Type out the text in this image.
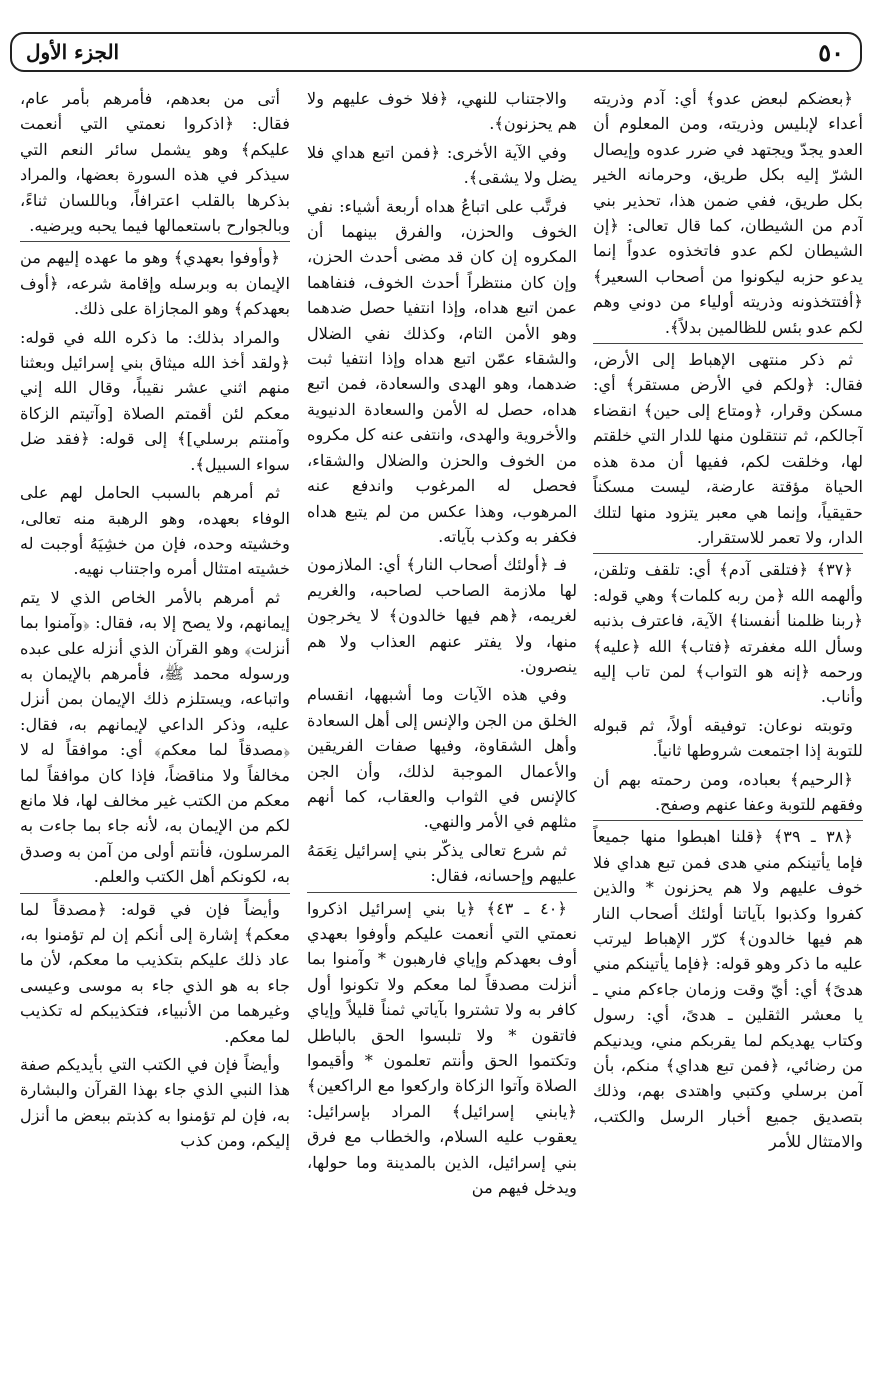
٥٠
الجزء الأول

﴿بعضكم لبعض عدو﴾ أي: آدم وذريته أعداء لإبليس وذريته، ومن المعلوم أن العدو يجدّ ويجتهد في ضرر عدوه وإيصال الشرّ إليه بكل طريق، وحرمانه الخير بكل طريق، ففي ضمن هذا، تحذير بني آدم من الشيطان، كما قال تعالى: ﴿إن الشيطان لكم عدو فاتخذوه عدواً إنما يدعو حزبه ليكونوا من أصحاب السعير﴾ ﴿أفتتخذونه وذريته أولياء من دوني وهم لكم عدو بئس للظالمين بدلاً﴾.

ثم ذكر منتهى الإهباط إلى الأرض، فقال: ﴿ولكم في الأرض مستقر﴾ أي: مسكن وقرار، ﴿ومتاع إلى حين﴾ انقضاء آجالكم، ثم تنتقلون منها للدار التي خلقتم لها، وخلقت لكم، ففيها أن مدة هذه الحياة مؤقتة عارضة، ليست مسكناً حقيقياً، وإنما هي معبر يتزود منها لتلك الدار، ولا تعمر للاستقرار.

﴿٣٧﴾ ﴿فتلقى آدم﴾ أي: تلقف وتلقن، وألهمه الله ﴿من ربه كلمات﴾ وهي قوله: ﴿ربنا ظلمنا أنفسنا﴾ الآية، فاعترف بذنبه وسأل الله مغفرته ﴿فتاب﴾ الله ﴿عليه﴾ ورحمه ﴿إنه هو التواب﴾ لمن تاب إليه وأناب.

وتوبته نوعان: توفيقه أولاً، ثم قبوله للتوبة إذا اجتمعت شروطها ثانياً.

﴿الرحيم﴾ بعباده، ومن رحمته بهم أن وفقهم للتوبة وعفا عنهم وصفح.

﴿٣٨ ـ ٣٩﴾ ﴿قلنا اهبطوا منها جميعاً فإما يأتينكم مني هدى فمن تبع هداي فلا خوف عليهم ولا هم يحزنون * والذين كفروا وكذبوا بآياتنا أولئك أصحاب النار هم فيها خالدون﴾ كرّر الإهباط ليرتب عليه ما ذكر وهو قوله: ﴿فإما يأتينكم مني هدىً﴾ أي: أيّ وقت وزمان جاءكم مني ـ يا معشر الثقلين ـ هدىً، أي: رسول وكتاب يهديكم لما يقربكم مني، ويدنيكم من رضائي، ﴿فمن تبع هداي﴾ منكم، بأن آمن برسلي وكتبي واهتدى بهم، وذلك بتصديق جميع أخبار الرسل والكتب، والامتثال للأمر

والاجتناب للنهي، ﴿فلا خوف عليهم ولا هم يحزنون﴾.

وفي الآية الأخرى: ﴿فمن اتبع هداي فلا يضل ولا يشقى﴾.

فرتَّب على اتباعُ هداه أربعة أشياء: نفي الخوف والحزن، والفرق بينهما أن المكروه إن كان قد مضى أحدث الحزن، وإن كان منتظراً أحدث الخوف، فنفاهما عمن اتبع هداه، وإذا انتفيا حصل ضدهما وهو الأمن التام، وكذلك نفي الضلال والشقاء عمّن اتبع هداه وإذا انتفيا ثبت ضدهما، وهو الهدى والسعادة، فمن اتبع هداه، حصل له الأمن والسعادة الدنيوية والأخروية والهدى، وانتفى عنه كل مكروه من الخوف والحزن والضلال والشقاء، فحصل له المرغوب واندفع عنه المرهوب، وهذا عكس من لم يتبع هداه فكفر به وكذب بآياته.

فـ ﴿أولئك أصحاب النار﴾ أي: الملازمون لها ملازمة الصاحب لصاحبه، والغريم لغريمه، ﴿هم فيها خالدون﴾ لا يخرجون منها، ولا يفتر عنهم العذاب ولا هم ينصرون.

وفي هذه الآيات وما أشبهها، انقسام الخلق من الجن والإنس إلى أهل السعادة وأهل الشقاوة، وفيها صفات الفريقين والأعمال الموجبة لذلك، وأن الجن كالإنس في الثواب والعقاب، كما أنهم مثلهم في الأمر والنهي.

ثم شرع تعالى يذكّر بني إسرائيل نِعَمَهُ عليهم وإحسانه، فقال:

﴿٤٠ ـ ٤٣﴾ ﴿يا بني إسرائيل اذكروا نعمتي التي أنعمت عليكم وأوفوا بعهدي أوف بعهدكم وإياي فارهبون * وآمنوا بما أنزلت مصدقاً لما معكم ولا تكونوا أول كافر به ولا تشتروا بآياتي ثمناً قليلاً وإياي فاتقون * ولا تلبسوا الحق بالباطل وتكتموا الحق وأنتم تعلمون * وأقيموا الصلاة وآتوا الزكاة واركعوا مع الراكعين﴾ ﴿يابني إسرائيل﴾ المراد بإسرائيل: يعقوب عليه السلام، والخطاب مع فرق بني إسرائيل، الذين بالمدينة وما حولها، ويدخل فيهم من

أتى من بعدهم، فأمرهم بأمر عام، فقال: ﴿اذكروا نعمتي التي أنعمت عليكم﴾ وهو يشمل سائر النعم التي سيذكر في هذه السورة بعضها، والمراد بذكرها بالقلب اعترافاً، وباللسان ثناءً، وبالجوارح باستعمالها فيما يحبه ويرضيه.

﴿وأوفوا بعهدي﴾ وهو ما عهده إليهم من الإيمان به وبرسله وإقامة شرعه، ﴿أوف بعهدكم﴾ وهو المجازاة على ذلك.

والمراد بذلك: ما ذكره الله في قوله: ﴿ولقد أخذ الله ميثاق بني إسرائيل وبعثنا منهم اثني عشر نقيباً، وقال الله إني معكم لئن أقمتم الصلاة [وآتيتم الزكاة وآمنتم برسلي]﴾ إلى قوله: ﴿فقد ضل سواء السبيل﴾.

ثم أمرهم بالسبب الحامل لهم على الوفاء بعهده، وهو الرهبة منه تعالى، وخشيته وحده، فإن من خشِيَهُ أوجبت له خشيته امتثال أمره واجتناب نهيه.

ثم أمرهم بالأمر الخاص الذي لا يتم إيمانهم، ولا يصح إلا به، فقال: ﴿وآمنوا بما أنزلت﴾ وهو القرآن الذي أنزله على عبده ورسوله محمد ﷺ، فأمرهم بالإيمان به واتباعه، ويستلزم ذلك الإيمان بمن أنزل عليه، وذكر الداعي لإيمانهم به، فقال: ﴿مصدقاً لما معكم﴾ أي: موافقاً له لا مخالفاً ولا مناقضاً، فإذا كان موافقاً لما معكم من الكتب غير مخالف لها، فلا مانع لكم من الإيمان به، لأنه جاء بما جاءت به المرسلون، فأنتم أولى من آمن به وصدق به، لكونكم أهل الكتب والعلم.

وأيضاً فإن في قوله: ﴿مصدقاً لما معكم﴾ إشارة إلى أنكم إن لم تؤمنوا به، عاد ذلك عليكم بتكذيب ما معكم، لأن ما جاء به هو الذي جاء به موسى وعيسى وغيرهما من الأنبياء، فتكذيبكم له تكذيب لما معكم.

وأيضاً فإن في الكتب التي بأيديكم صفة هذا النبي الذي جاء بهذا القرآن والبشارة به، فإن لم تؤمنوا به كذبتم ببعض ما أنزل إليكم، ومن كذب
